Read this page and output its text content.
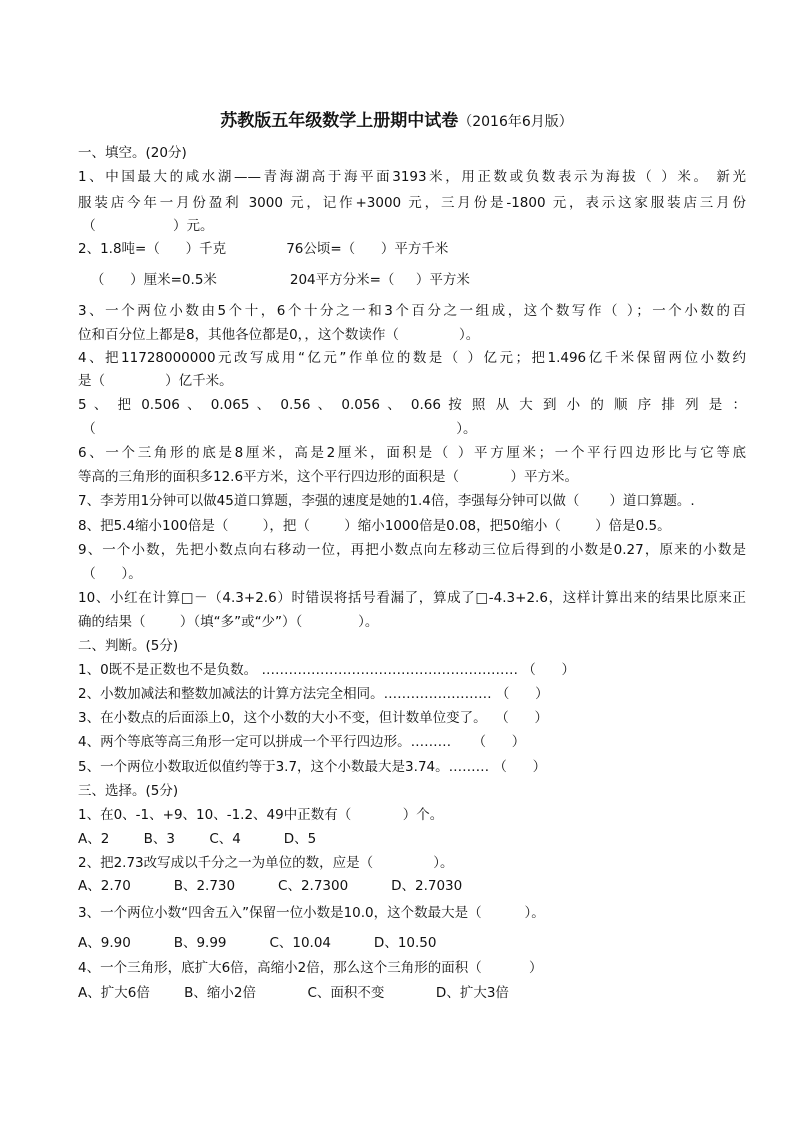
苏教版五年级数学上册期中试卷（2016年6月版）
一、填空。(20分)
1、中国最大的咸水湖——青海湖高于海平面3193米，用正数或负数表示为海拔（ ）米。 新光
服装店今年一月份盈利 3000 元，记作+3000 元，三月份是-1800 元，表示这家服装店三月份
（                  ）元。
2、1.8吨=（      ）千克              76公顷=（      ）平方千米
（      ）厘米=0.5米                 204平方分米=（     ）平方米
3、一个两位小数由5个十，6个十分之一和3个百分之一组成，这个数写作（ ）；一个小数的百
位和百分位上都是8，其他各位都是0，，这个数读作（              ）。
4、把11728000000元改写成用“亿元”作单位的数是（ ）亿元；把1.496亿千米保留两位小数约
是（              ）亿千米。
5 、 把 0.506 、 0.065 、 0.56 、 0.056 、 0.66 按 照 从 大 到 小 的 顺 序 排 列 是 ：
（                                                                                    ）。
6、一个三角形的底是8厘米，高是2厘米，面积是（ ）平方厘米；一个平行四边形比与它等底
等高的三角形的面积多12.6平方米，这个平行四边形的面积是（            ）平方米。
7、李芳用1分钟可以做45道口算题，李强的速度是她的1.4倍，李强每分钟可以做（       ）道口算题。.
8、把5.4缩小100倍是（        ），把（        ）缩小1000倍是0.08，把50缩小（        ）倍是0.5。
9、一个小数，先把小数点向右移动一位，再把小数点向左移动三位后得到的小数是0.27，原来的小数是
（      ）。
10、小红在计算□－（4.3+2.6）时错误将括号看漏了，算成了□-4.3+2.6，这样计算出来的结果比原来正
确的结果（        ）（填“多”或“少”）（             ）。
二、判断。(5分)
1、0既不是正数也不是负数。 ………………………………………………… （      ）
2、小数加减法和整数加减法的计算方法完全相同。…………………… （      ）
3、在小数点的后面添上0，这个小数的大小不变，但计数单位变了。  （      ）
4、两个等底等高三角形一定可以拼成一个平行四边形。………     （      ）
5、一个两位小数取近似值约等于3.7，这个小数最大是3.74。……… （      ）
三、选择。(5分)
1、在0、-1、+9、10、-1.2、49中正数有（            ）个。
A、2        B、3        C、4          D、5
2、把2.73改写成以千分之一为单位的数，应是（              ）。
A、2.70          B、2.730          C、2.7300          D、2.7030
3、一个两位小数“四舍五入”保留一位小数是10.0，这个数最大是（          ）。
A、9.90          B、9.99          C、10.04          D、10.50
4、一个三角形，底扩大6倍，高缩小2倍，那么这个三角形的面积（           ）
A、扩大6倍        B、缩小2倍            C、面积不变            D、扩大3倍
